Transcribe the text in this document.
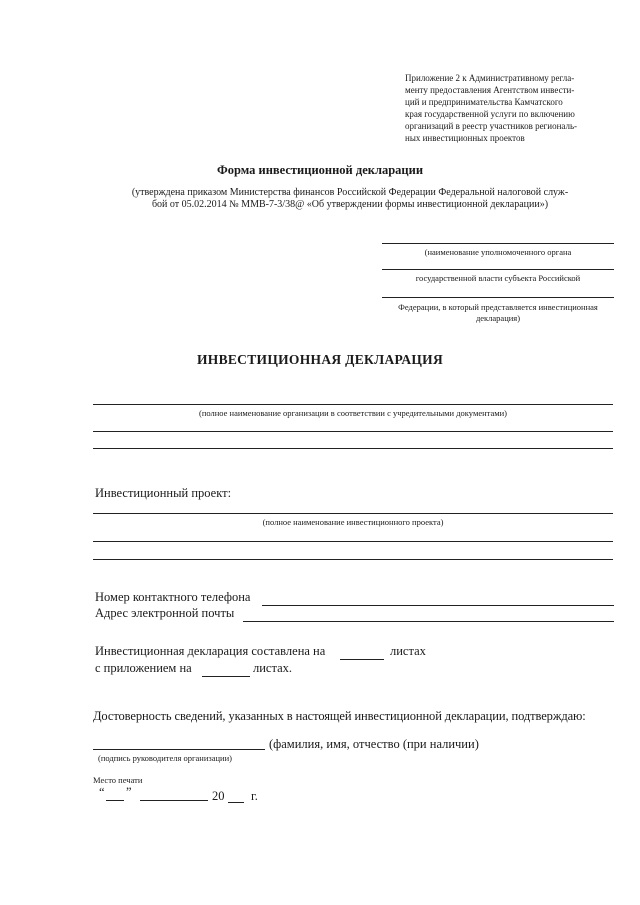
Приложение 2 к Административному регла-
менту предоставления Агентством инвести-
ций и предпринимательства Камчатского
края государственной услуги по включению
организаций в реестр участников региональ-
ных инвестиционных проектов
Форма инвестиционной декларации
(утверждена приказом Министерства финансов Российской Федерации Федеральной налоговой служ-
бой от 05.02.2014 № ММВ-7-3/38@ «Об утверждении формы инвестиционной декларации»)
(наименование уполномоченного органа
государственной власти субъекта Российской
Федерации, в который представляется инвестиционная
декларация)
ИНВЕСТИЦИОННАЯ ДЕКЛАРАЦИЯ
(полное наименование организации в соответствии с учредительными документами)
Инвестиционный проект:
(полное наименование инвестиционного проекта)
Номер контактного телефона
Адрес электронной почты
Инвестиционная декларация составлена на	листах
с приложением на	листах.
Достоверность сведений, указанных в настоящей инвестиционной декларации, подтверждаю:
(фамилия, имя, отчество (при наличии)
(подпись руководителя организации)
Место печати
“ ”	20 г.
